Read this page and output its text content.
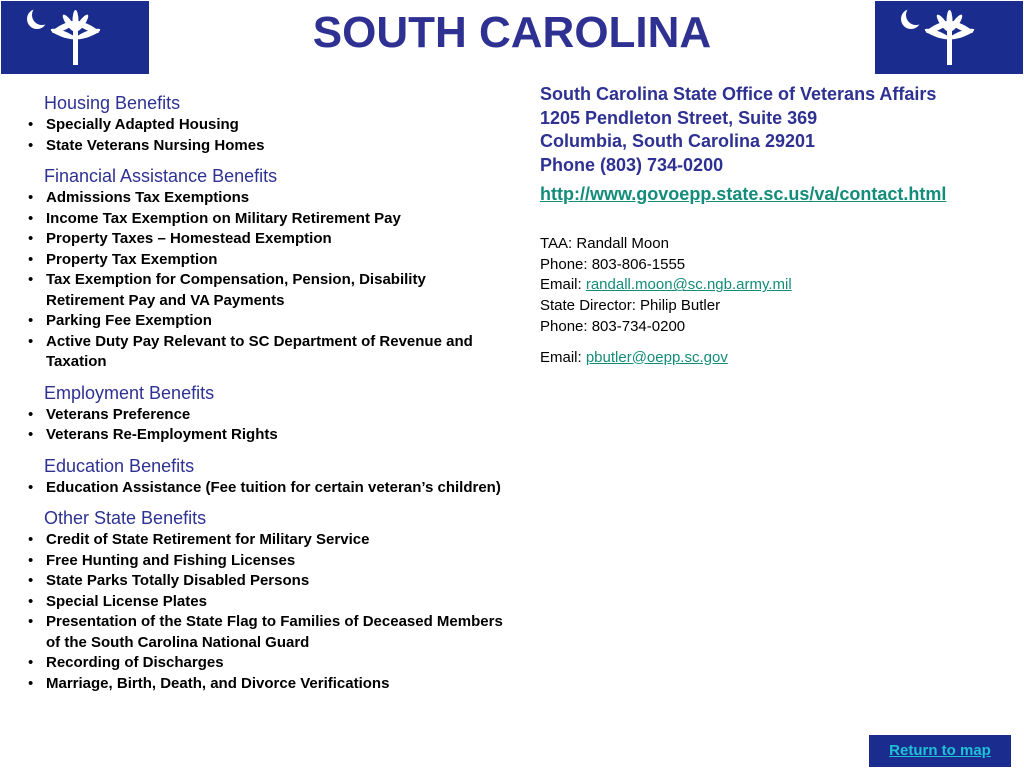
SOUTH CAROLINA
Housing Benefits
• Specially Adapted Housing
• State Veterans Nursing Homes
Financial Assistance Benefits
• Admissions Tax Exemptions
• Income Tax Exemption on Military Retirement Pay
• Property Taxes – Homestead Exemption
• Property Tax Exemption
• Tax Exemption for Compensation, Pension, Disability Retirement Pay and VA Payments
• Parking Fee Exemption
• Active Duty Pay Relevant to SC Department of Revenue and Taxation
Employment Benefits
• Veterans Preference
• Veterans Re-Employment Rights
Education Benefits
• Education Assistance (Fee tuition for certain veteran’s children)
Other State Benefits
• Credit of State Retirement for Military Service
• Free Hunting and Fishing Licenses
• State Parks Totally Disabled Persons
• Special License Plates
• Presentation of the State Flag to Families of Deceased Members of the South Carolina National Guard
• Recording of Discharges
• Marriage, Birth, Death, and Divorce Verifications
South Carolina State Office of Veterans Affairs
1205 Pendleton Street, Suite 369
Columbia, South Carolina 29201
Phone (803) 734-0200
http://www.govoepp.state.sc.us/va/contact.html
TAA: Randall Moon
Phone: 803-806-1555
Email: randall.moon@sc.ngb.army.mil
State Director: Philip Butler
Phone: 803-734-0200
Email: pbutler@oepp.sc.gov
Return to map
